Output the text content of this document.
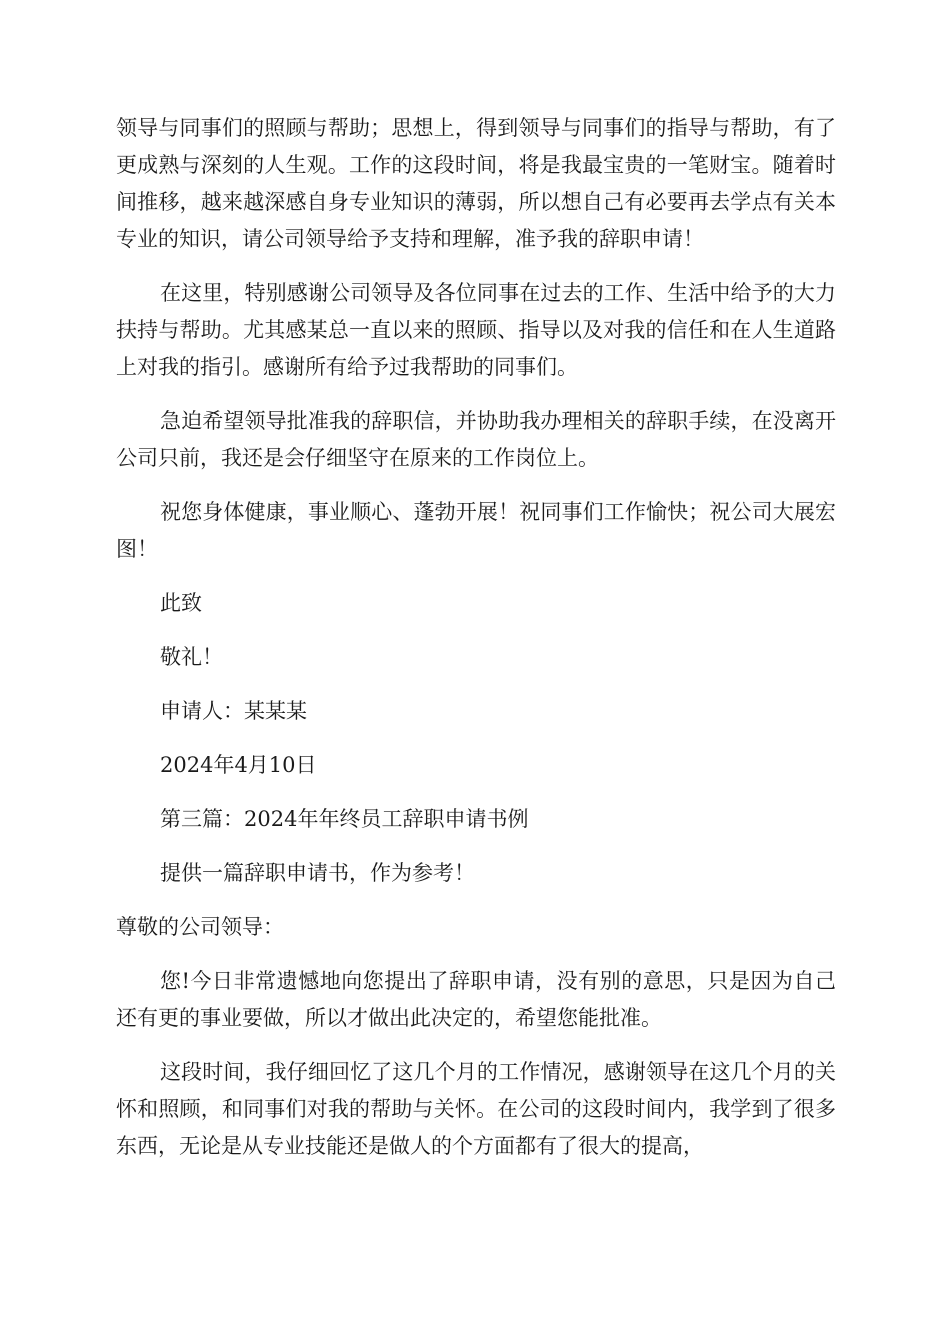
领导与同事们的照顾与帮助；思想上，得到领导与同事们的指导与帮助，有了更成熟与深刻的人生观。工作的这段时间，将是我最宝贵的一笔财宝。随着时间推移，越来越深感自身专业知识的薄弱，所以想自己有必要再去学点有关本专业的知识，请公司领导给予支持和理解，准予我的辞职申请！

在这里，特别感谢公司领导及各位同事在过去的工作、生活中给予的大力扶持与帮助。尤其感某总一直以来的照顾、指导以及对我的信任和在人生道路上对我的指引。感谢所有给予过我帮助的同事们。

急迫希望领导批准我的辞职信，并协助我办理相关的辞职手续，在没离开公司只前，我还是会仔细坚守在原来的工作岗位上。

祝您身体健康，事业顺心、蓬勃开展！祝同事们工作愉快；祝公司大展宏图！

此致

敬礼！

申请人：某某某

2024年4月10日

第三篇：2024年年终员工辞职申请书例

提供一篇辞职申请书，作为参考！

尊敬的公司领导：

您!今日非常遗憾地向您提出了辞职申请，没有别的意思，只是因为自己还有更的事业要做，所以才做出此决定的，希望您能批准。

这段时间，我仔细回忆了这几个月的工作情况，感谢领导在这几个月的关怀和照顾，和同事们对我的帮助与关怀。在公司的这段时间内，我学到了很多东西，无论是从专业技能还是做人的个方面都有了很大的提高，
